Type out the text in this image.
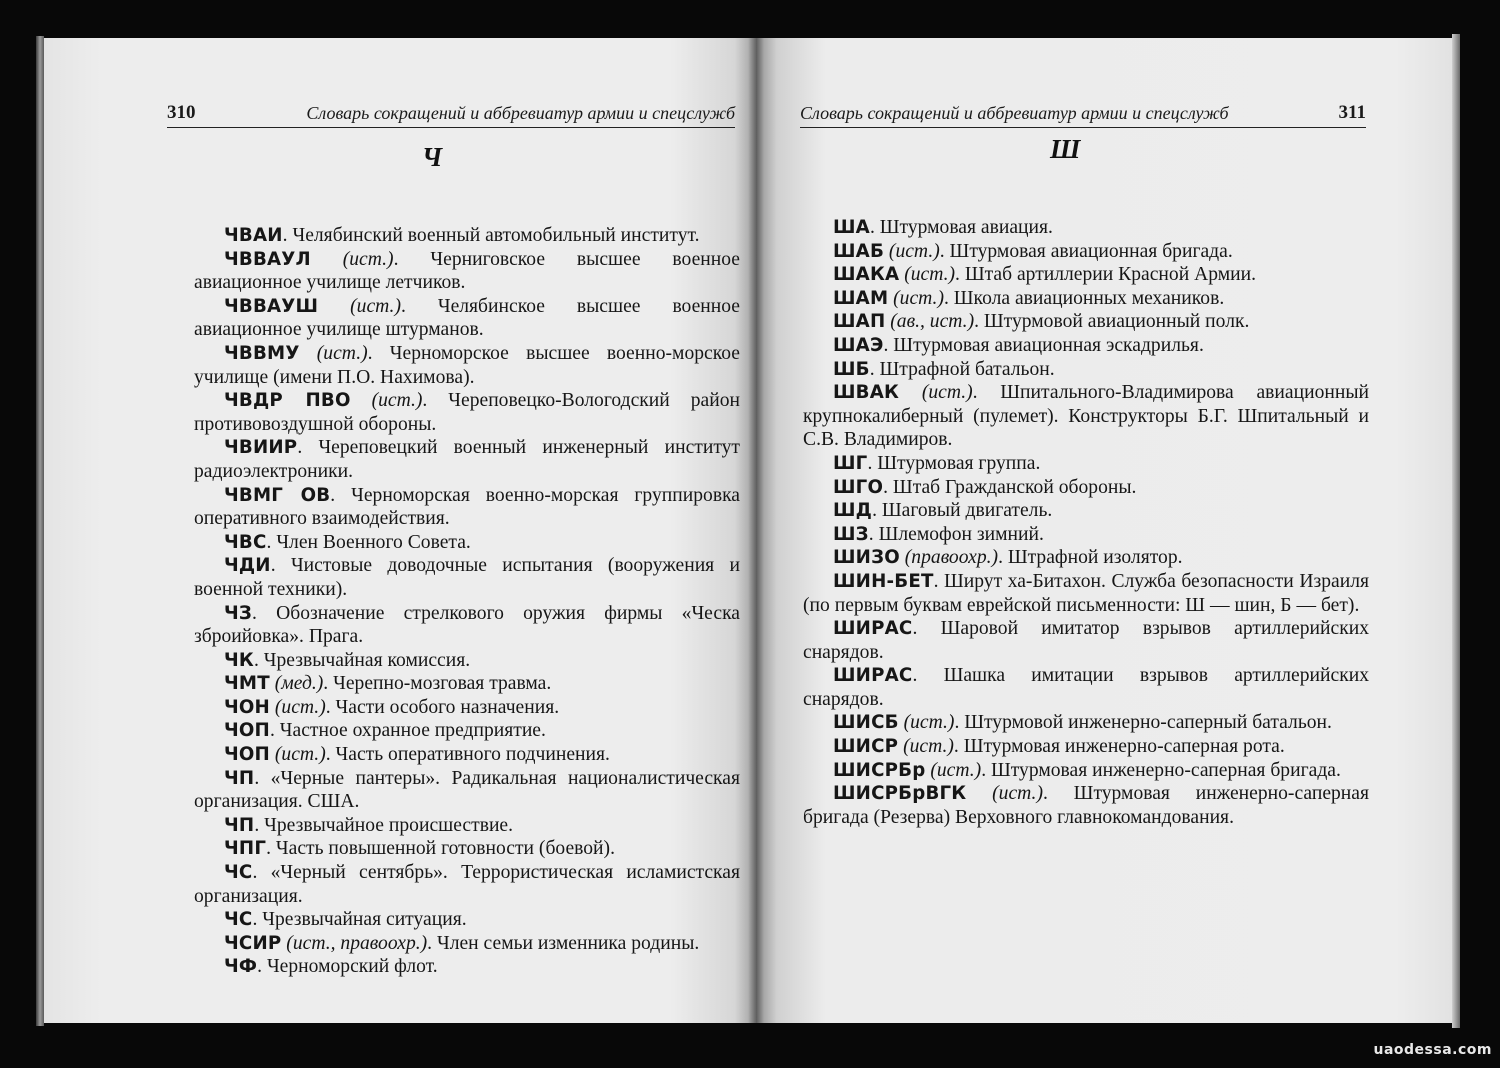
310	Словарь сокращений и аббревиатур армии и спецслужб
Ч

ЧВАИ. Челябинский военный автомобильный институт.

ЧВВАУЛ (ист.). Черниговское высшее военное авиационное училище летчиков.

ЧВВАУШ (ист.). Челябинское высшее военное авиационное училище штурманов.

ЧВВМУ (ист.). Черноморское высшее военно-морское училище (имени П.О. Нахимова).

ЧВДР ПВО (ист.). Череповецко-Вологодский район противовоздушной обороны.

ЧВИИР. Череповецкий военный инженерный институт радиоэлектроники.

ЧВМГ ОВ. Черноморская военно-морская группировка оперативного взаимодействия.

ЧВС. Член Военного Совета.

ЧДИ. Чистовые доводочные испытания (вооружения и военной техники).

ЧЗ. Обозначение стрелкового оружия фирмы «Ческа зброийовка». Прага.

ЧК. Чрезвычайная комиссия.

ЧМТ (мед.). Черепно-мозговая травма.

ЧОН (ист.). Части особого назначения.

ЧОП. Частное охранное предприятие.

ЧОП (ист.). Часть оперативного подчинения.

ЧП. «Черные пантеры». Радикальная националистическая организация. США.

ЧП. Чрезвычайное происшествие.

ЧПГ. Часть повышенной готовности (боевой).

ЧС. «Черный сентябрь». Террористическая исламистская организация.

ЧС. Чрезвычайная ситуация.

ЧСИР (ист., правоохр.). Член семьи изменника родины.

ЧФ. Черноморский флот.

Словарь сокращений и аббревиатур армии и спецслужб	311
Ш

ША. Штурмовая авиация.

ШАБ (ист.). Штурмовая авиационная бригада.

ШАКА (ист.). Штаб артиллерии Красной Армии.

ШАМ (ист.). Школа авиационных механиков.

ШАП (ав., ист.). Штурмовой авиационный полк.

ШАЭ. Штурмовая авиационная эскадрилья.

ШБ. Штрафной батальон.

ШВАК (ист.). Шпитального-Владимирова авиационный крупнокалиберный (пулемет). Конструкторы Б.Г. Шпитальный и С.В. Владимиров.

ШГ. Штурмовая группа.

ШГО. Штаб Гражданской обороны.

ШД. Шаговый двигатель.

ШЗ. Шлемофон зимний.

ШИЗО (правоохр.). Штрафной изолятор.

ШИН-БЕТ. Ширут ха-Битахон. Служба безопасности Израиля (по первым буквам еврейской письменности: Ш — шин, Б — бет).

ШИРАС. Шаровой имитатор взрывов артиллерийских снарядов.

ШИРАС. Шашка имитации взрывов артиллерийских снарядов.

ШИСБ (ист.). Штурмовой инженерно-саперный батальон.

ШИСР (ист.). Штурмовая инженерно-саперная рота.

ШИСРБр (ист.). Штурмовая инженерно-саперная бригада.

ШИСРБрВГК (ист.). Штурмовая инженерно-саперная бригада (Резерва) Верховного главнокомандования.

uaodessa.com
